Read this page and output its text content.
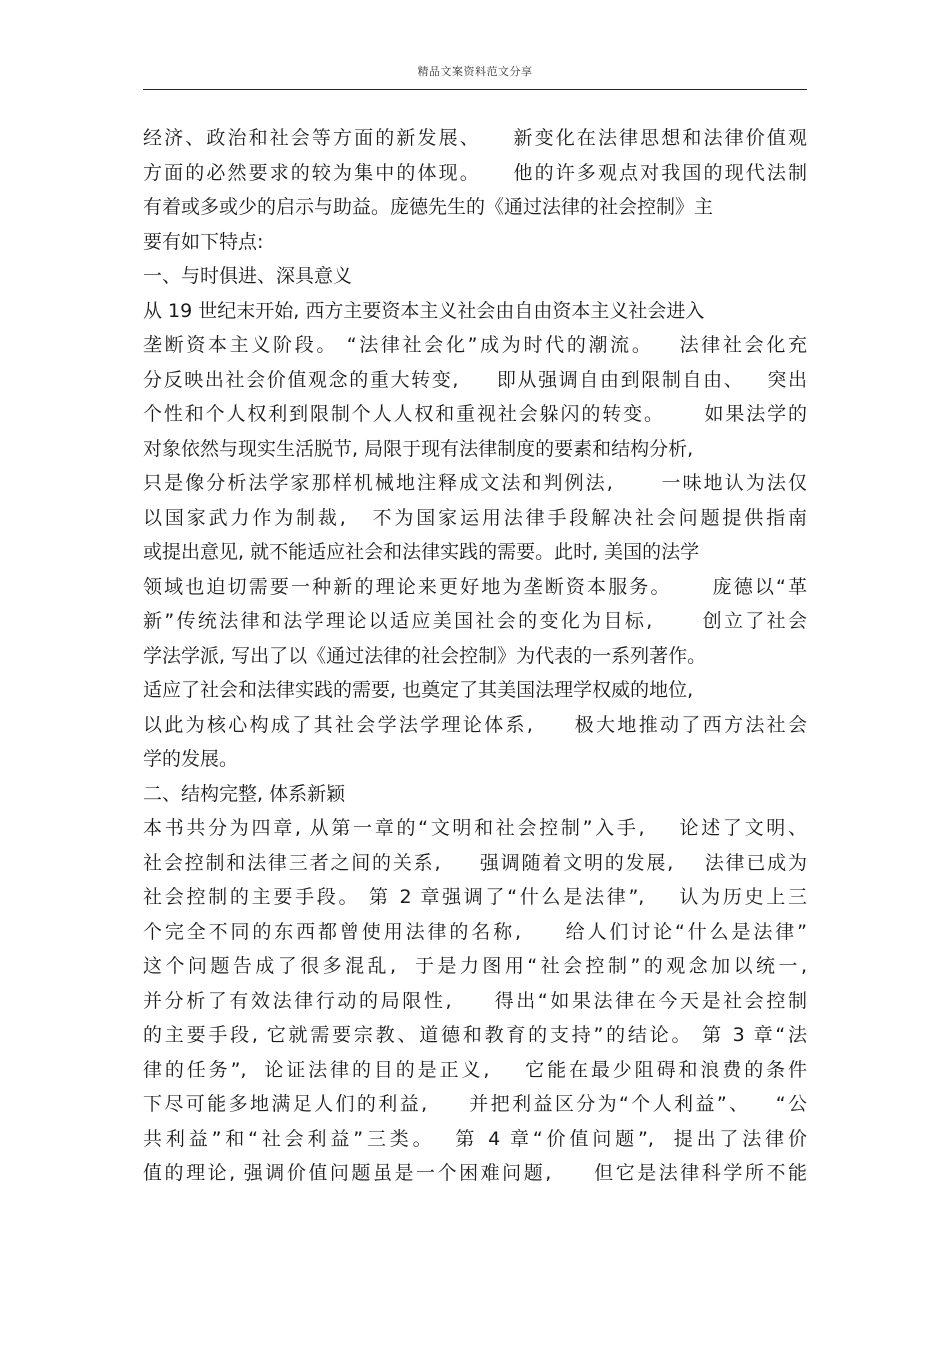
精品文案资料范文分享
经济、政治和社会等方面的新发展、    新变化在法律思想和法律价值观
方面的必然要求的较为集中的体现。    他的许多观点对我国的现代法制
有着或多或少的启示与助益。庞德先生的《通过法律的社会控制》主
要有如下特点:
一、与时俱进、深具意义
从 19 世纪末开始, 西方主要资本主义社会由自由资本主义社会进入
垄断资本主义阶段。 “法律社会化”成为时代的潮流。   法律社会化充
分反映出社会价值观念的重大转变,     即从强调自由到限制自由、   突出
个性和个人权利到限制个人人权和重视社会躲闪的转变。     如果法学的
对象依然与现实生活脱节, 局限于现有法律制度的要素和结构分析,
只是像分析法学家那样机械地注释成文法和判例法,      一味地认为法仅
以国家武力作为制裁,   不为国家运用法律手段解决社会问题提供指南
或提出意见, 就不能适应社会和法律实践的需要。此时, 美国的法学
领域也迫切需要一种新的理论来更好地为垄断资本服务。     庞德以“革
新”传统法律和法学理论以适应美国社会的变化为目标,      创立了社会
学法学派, 写出了以《通过法律的社会控制》为代表的一系列著作。
适应了社会和法律实践的需要, 也奠定了其美国法理学权威的地位,
以此为核心构成了其社会学法学理论体系,     极大地推动了西方法社会
学的发展。
二、结构完整, 体系新颖
本书共分为四章, 从第一章的“文明和社会控制”入手,    论述了文明、
社会控制和法律三者之间的关系,     强调随着文明的发展,    法律已成为
社会控制的主要手段。 第 2 章强调了“什么是法律”,    认为历史上三
个完全不同的东西都曾使用法律的名称,     给人们讨论“什么是法律”
这个问题告成了很多混乱,  于是力图用“社会控制”的观念加以统一,
并分析了有效法律行动的局限性,     得出“如果法律在今天是社会控制
的主要手段, 它就需要宗教、道德和教育的支持”的结论。 第 3 章“法
律的任务”,  论证法律的目的是正义,    它能在最少阻碍和浪费的条件
下尽可能多地满足人们的利益,     并把利益区分为“个人利益”、   “公
共利益”和“社会利益”三类。  第 4 章“价值问题”,  提出了法律价
值的理论, 强调价值问题虽是一个困难问题,     但它是法律科学所不能
